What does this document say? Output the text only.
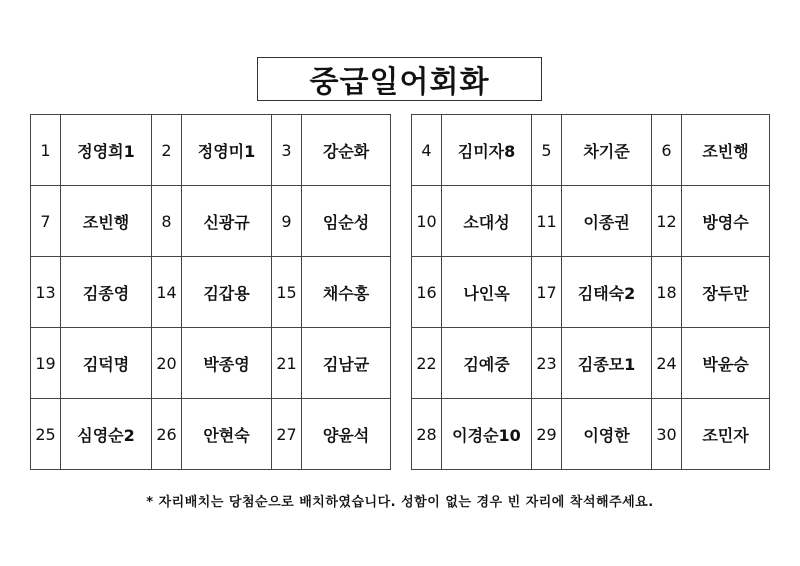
중급일어회화
1	정영희1	2	정영미1	3	강순화
7	조빈행	8	신광규	9	임순성
13	김종영	14	김갑용	15	채수홍
19	김덕명	20	박종영	21	김남균
25	심영순2	26	안현숙	27	양윤석
4	김미자8	5	차기준	6	조빈행
10	소대성	11	이종권	12	방영수
16	나인옥	17	김태숙2	18	장두만
22	김예중	23	김종모1	24	박윤승
28	이경순10	29	이영한	30	조민자
* 자리배치는 당첨순으로 배치하였습니다. 성함이 없는 경우 빈 자리에 착석해주세요.
